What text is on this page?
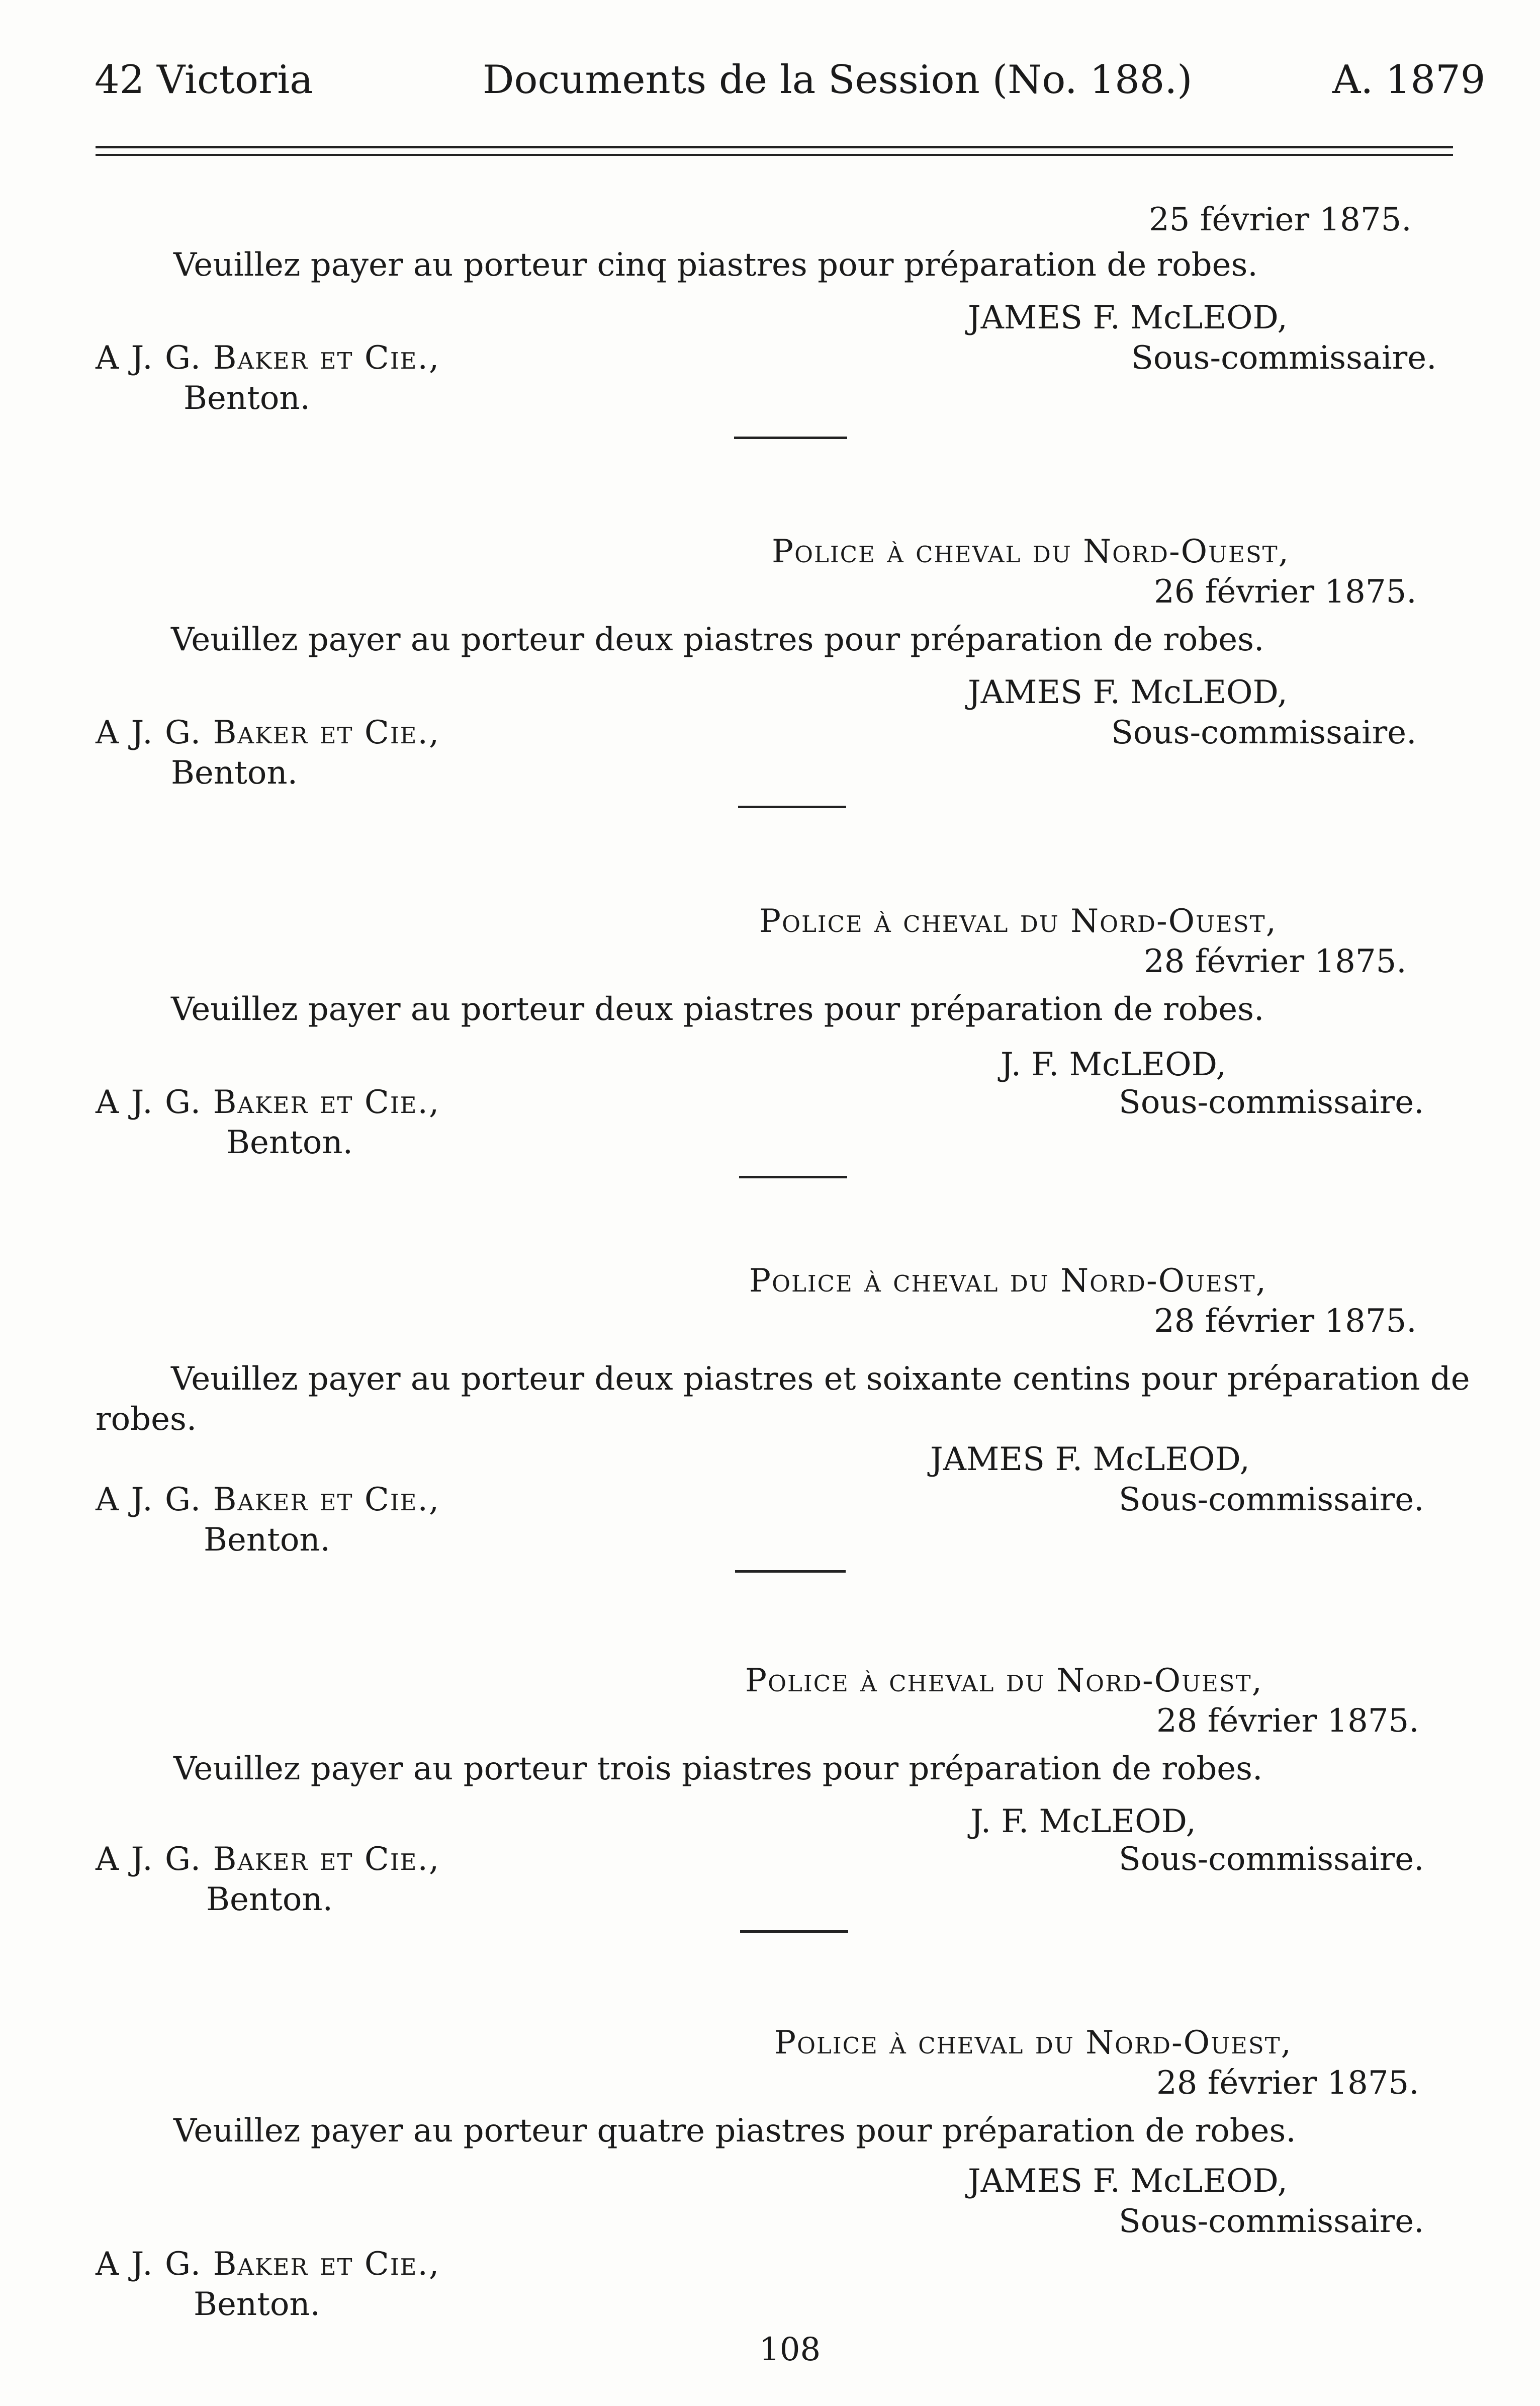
42 Victoria	Documents de la Session (No. 188.)	A. 1879
25 février 1875.
Veuillez payer au porteur cinq piastres pour préparation de robes.
JAMES F. McLEOD,
A J. G. Baker et Cie.,	Sous-commissaire.
Benton.
Police à cheval du Nord-Ouest,
26 février 1875.
Veuillez payer au porteur deux piastres pour préparation de robes.
JAMES F. McLEOD,
A J. G. Baker et Cie.,	Sous-commissaire.
Benton.
Police à cheval du Nord-Ouest,
28 février 1875.
Veuillez payer au porteur deux piastres pour préparation de robes.
J. F. McLEOD,
A J. G. Baker et Cie.,	Sous-commissaire.
Benton.
Police à cheval du Nord-Ouest,
28 février 1875.
Veuillez payer au porteur deux piastres et soixante centins pour préparation de
robes.
JAMES F. McLEOD,
A J. G. Baker et Cie.,	Sous-commissaire.
Benton.
Police à cheval du Nord-Ouest,
28 février 1875.
Veuillez payer au porteur trois piastres pour préparation de robes.
J. F. McLEOD,
A J. G. Baker et Cie.,	Sous-commissaire.
Benton.
Police à cheval du Nord-Ouest,
28 février 1875.
Veuillez payer au porteur quatre piastres pour préparation de robes.
JAMES F. McLEOD,
Sous-commissaire.
A J. G. Baker et Cie.,
Benton.
108
